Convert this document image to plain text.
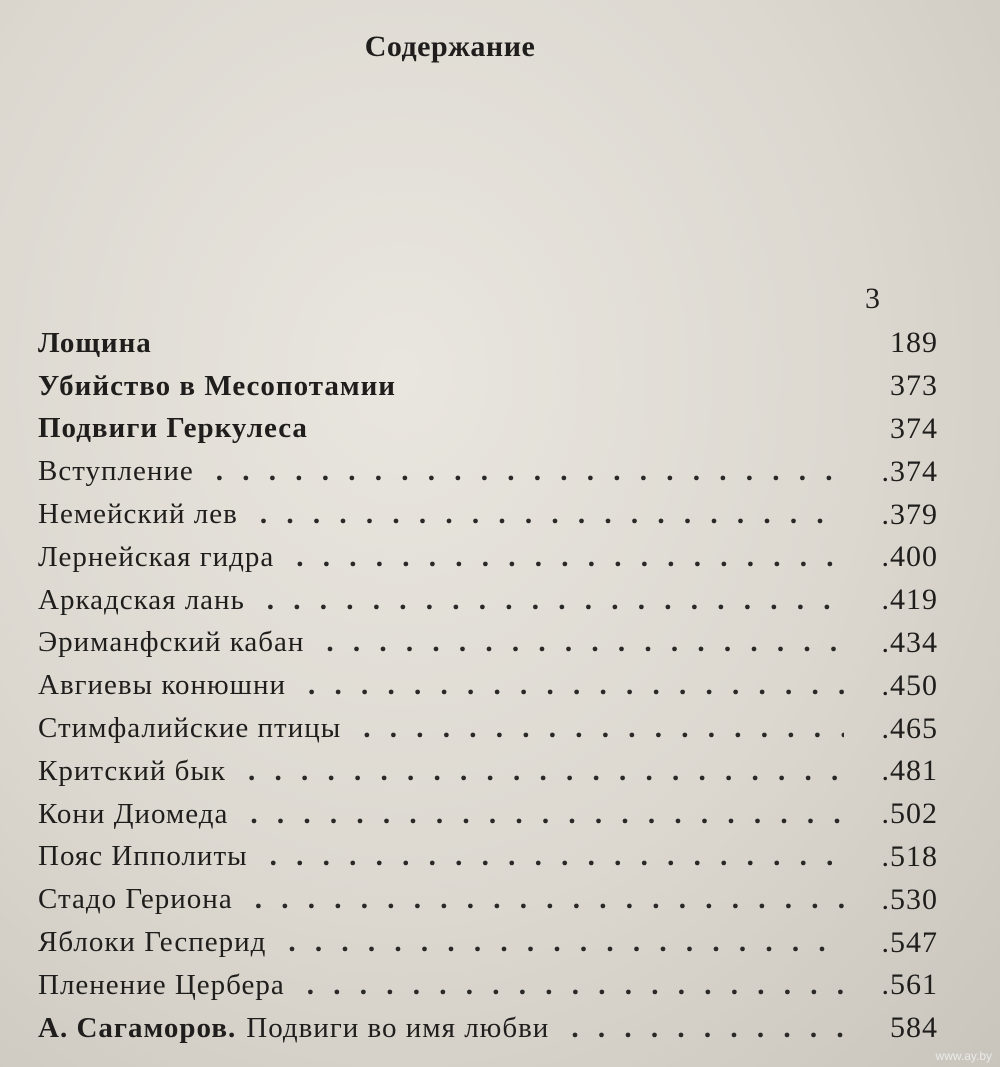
Содержание
3
Лощина	189
Убийство в Месопотамии	373
Подвиги Геркулеса	374
Вступление . . .	.374
Немейский лев . . .	.379
Лернейская гидра . . .	.400
Аркадская лань . . .	.419
Эриманфский кабан . . .	.434
Авгиевы конюшни . . .	.450
Стимфалийские птицы . . .	.465
Критский бык . . .	.481
Кони Диомеда . . .	.502
Пояс Ипполиты . . .	.518
Стадо Гериона . . .	.530
Яблоки Гесперид . . .	.547
Пленение Цербера . . .	.561
А. Сагаморов. Подвиги во имя любви . . .	584
www.ay.by
